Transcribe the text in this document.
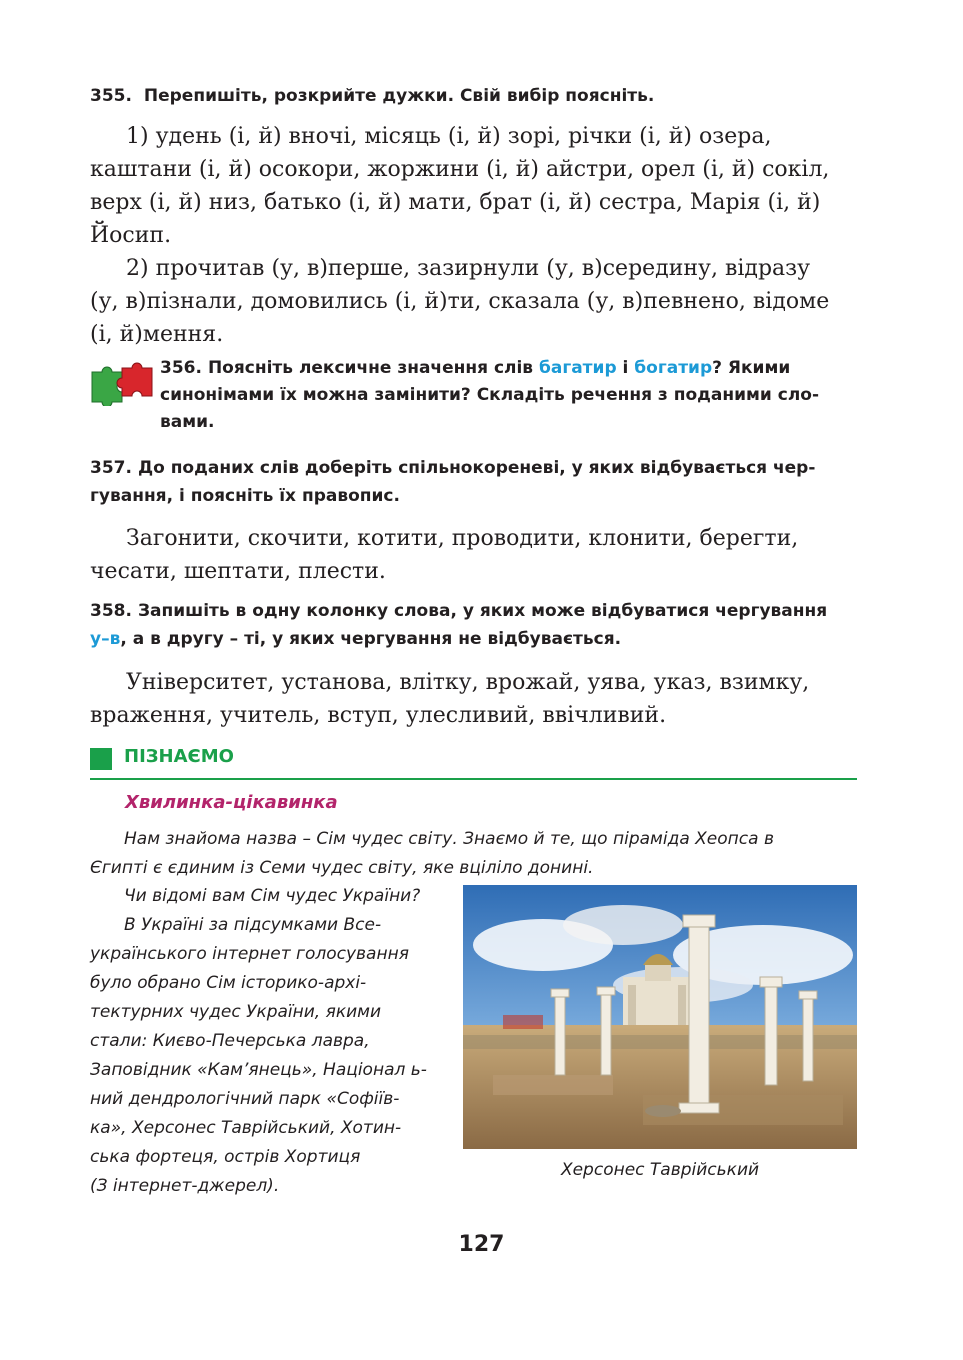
355. Перепишіть, розкрийте дужки. Свій вибір поясніть.
1) удень (і, й) вночі, місяць (і, й) зорі, річки (і, й) озера,
каштани (і, й) осокори, жоржини (і, й) айстри, орел (і, й) сокіл,
верх (і, й) низ, батько (і, й) мати, брат (і, й) сестра, Марія (і, й)
Йосип.
2) прочитав (у, в)перше, зазирнули (у, в)середину, відразу
(у, в)пізнали, домовились (і, й)ти, сказала (у, в)певнено, відоме
(і, й)мення.
356. Поясніть лексичне значення слів багатир і богатир? Якими
синонімами їх можна замінити? Складіть речення з поданими сло-
вами.
357. До поданих слів доберіть спільнокореневі, у яких відбувається чер-
гування, і поясніть їх правопис.
Загонити, скочити, котити, проводити, клонити, берегти,
чесати, шептати, плести.
358. Запишіть в одну колонку слова, у яких може відбуватися чергування
у–в, а в другу – ті, у яких чергування не відбувається.
Університет, установа, влітку, врожай, уява, указ, взимку,
враження, учитель, вступ, улесливий, ввічливий.
ПІЗНАЄМО
Хвилинка-цікавинка
Нам знайома назва – Сім чудес світу. Знаємо й те, що піраміда Хеопса в
Єгипті є єдиним із Семи чудес світу, яке вціліло донині.
Чи відомі вам Сім чудес України?
В Україні за підсумками Все-
українського інтернет голосування
було обрано Сім історико-архі-
тектурних чудес України, якими
стали: Києво-Печерська лавра,
Заповідник «Кам’янець», Націонал ь-
ний дендрологічний парк «Софіїв-
ка», Херсонес Таврійський, Хотин-
ська фортеця, острів Хортиця
(З інтернет-джерел).
Херсонес Таврійський
127
